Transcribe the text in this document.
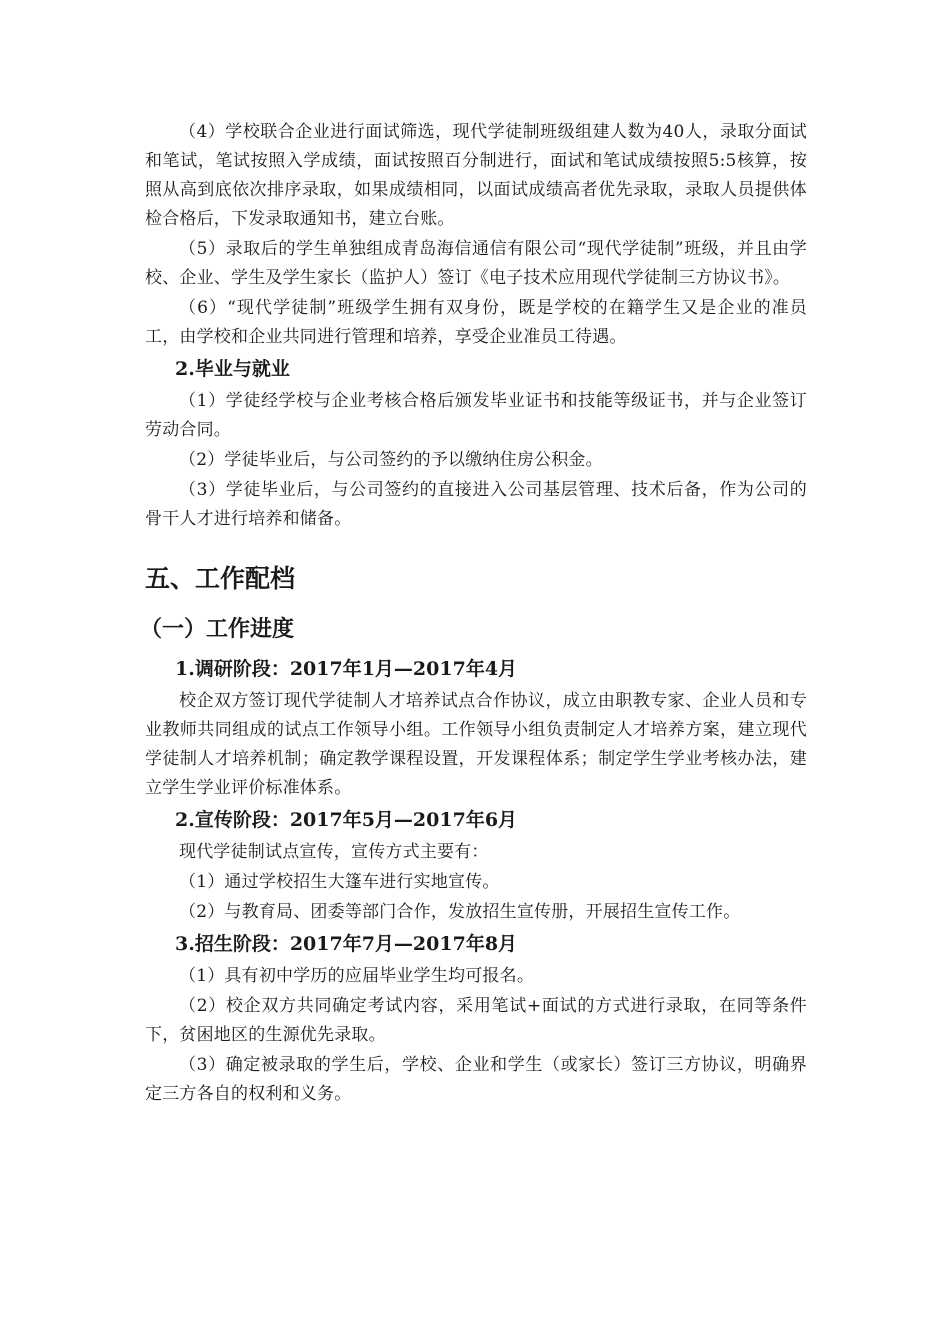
（4）学校联合企业进行面试筛选，现代学徒制班级组建人数为40人，录取分面试和笔试，笔试按照入学成绩，面试按照百分制进行，面试和笔试成绩按照5:5核算，按照从高到底依次排序录取，如果成绩相同，以面试成绩高者优先录取，录取人员提供体检合格后，下发录取通知书，建立台账。

（5）录取后的学生单独组成青岛海信通信有限公司“现代学徒制”班级，并且由学校、企业、学生及学生家长（监护人）签订《电子技术应用现代学徒制三方协议书》。

（6）“现代学徒制”班级学生拥有双身份，既是学校的在籍学生又是企业的准员工，由学校和企业共同进行管理和培养，享受企业准员工待遇。

2.毕业与就业

（1）学徒经学校与企业考核合格后颁发毕业证书和技能等级证书，并与企业签订劳动合同。

（2）学徒毕业后，与公司签约的予以缴纳住房公积金。

（3）学徒毕业后，与公司签约的直接进入公司基层管理、技术后备，作为公司的骨干人才进行培养和储备。

五、工作配档
（一）工作进度
1.调研阶段：2017年1月—2017年4月

校企双方签订现代学徒制人才培养试点合作协议，成立由职教专家、企业人员和专业教师共同组成的试点工作领导小组。工作领导小组负责制定人才培养方案，建立现代学徒制人才培养机制；确定教学课程设置，开发课程体系；制定学生学业考核办法，建立学生学业评价标准体系。

2.宣传阶段：2017年5月—2017年6月

现代学徒制试点宣传，宣传方式主要有：

（1）通过学校招生大篷车进行实地宣传。

（2）与教育局、团委等部门合作，发放招生宣传册，开展招生宣传工作。

3.招生阶段：2017年7月—2017年8月

（1）具有初中学历的应届毕业学生均可报名。

（2）校企双方共同确定考试内容，采用笔试+面试的方式进行录取，在同等条件下，贫困地区的生源优先录取。

（3）确定被录取的学生后，学校、企业和学生（或家长）签订三方协议，明确界定三方各自的权利和义务。
